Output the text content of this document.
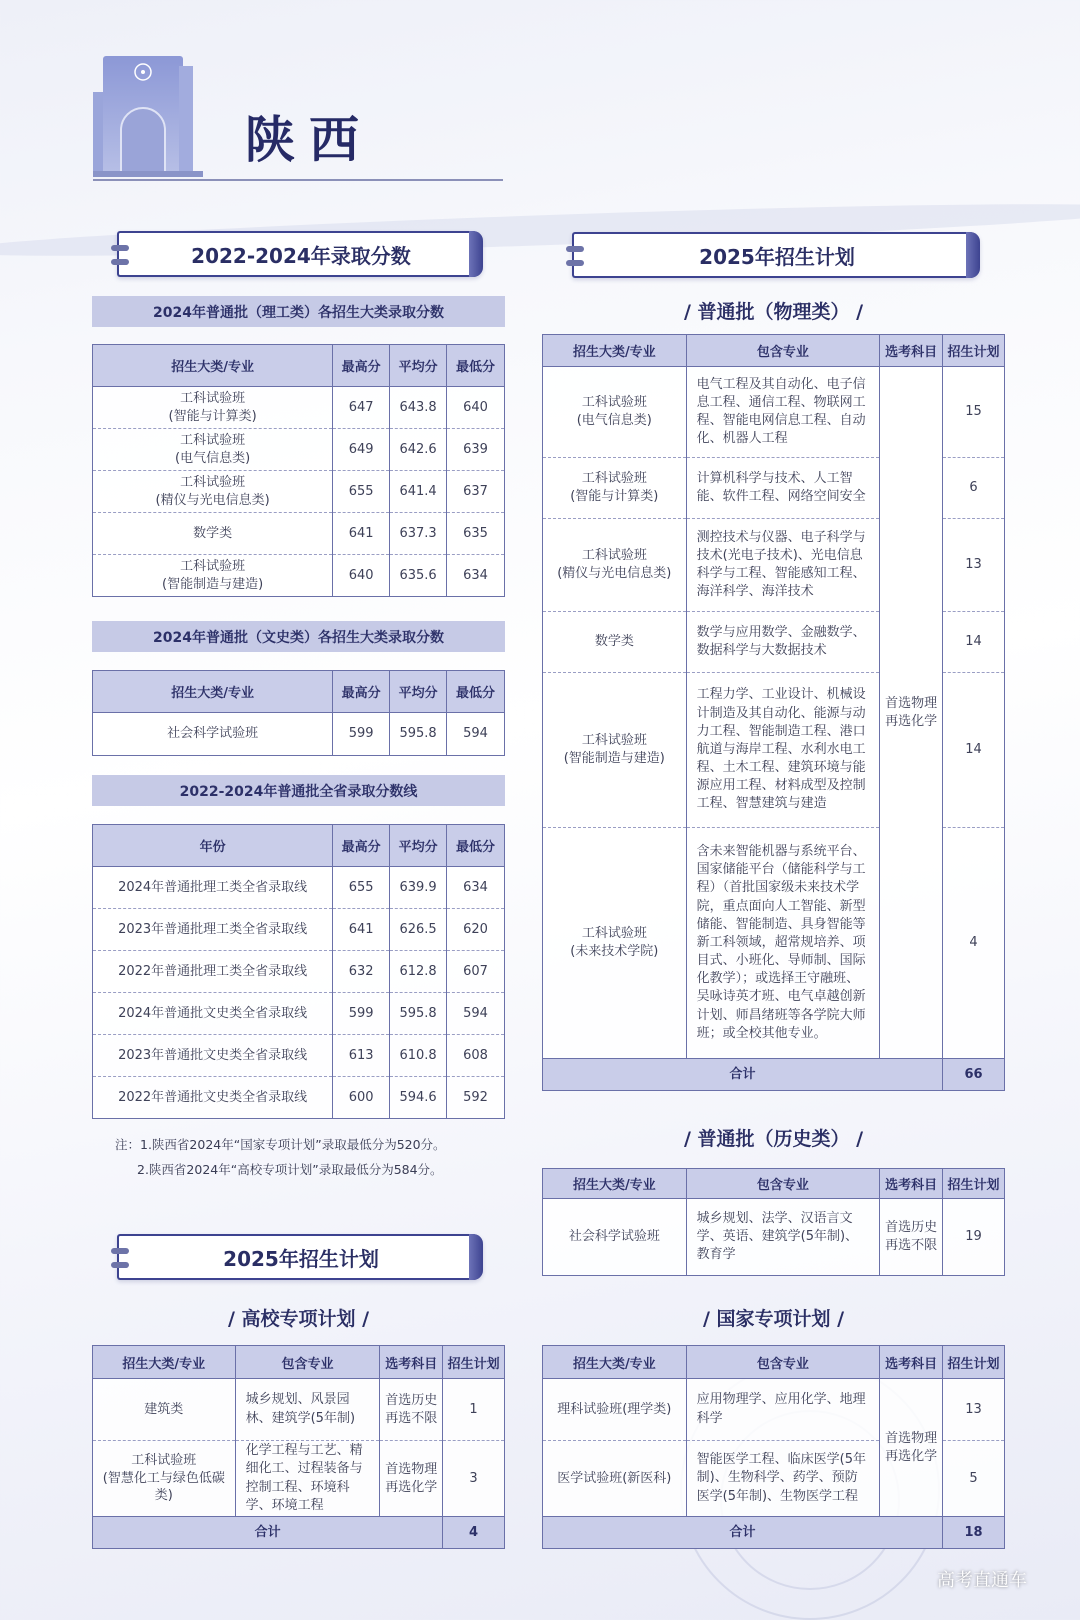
陕西
2022-2024年录取分数	2025年招生计划
2025年招生计划
2024年普通批（理工类）各招生大类录取分数
2024年普通批（文史类）各招生大类录取分数
2022-2024年普通批全省录取分数线
/ 普通批（物理类） /
/ 普通批（历史类） /
/ 高校专项计划 /	/ 国家专项计划 /
招生大类/专业	最高分	平均分	最低分
工科试验班
(智能与计算类)	647	643.8	640
工科试验班
(电气信息类)	649	642.6	639
工科试验班
(精仪与光电信息类)	655	641.4	637
数学类	641	637.3	635
工科试验班
(智能制造与建造)	640	635.6	634
招生大类/专业	最高分	平均分	最低分
社会科学试验班	599	595.8	594
年份	最高分	平均分	最低分
2024年普通批理工类全省录取线	655	639.9	634
2023年普通批理工类全省录取线	641	626.5	620
2022年普通批理工类全省录取线	632	612.8	607
2024年普通批文史类全省录取线	599	595.8	594
2023年普通批文史类全省录取线	613	610.8	608
2022年普通批文史类全省录取线	600	594.6	592
招生大类/专业	包含专业	选考科目	招生计划
工科试验班
(电气信息类)	电气工程及其自动化、电子信息工程、通信工程、物联网工程、智能电网信息工程、自动化、机器人工程	首选物理
再选化学	15
工科试验班
(智能与计算类)	计算机科学与技术、人工智能、软件工程、网络空间安全		6
工科试验班
(精仪与光电信息类)	测控技术与仪器、电子科学与技术(光电子技术)、光电信息科学与工程、智能感知工程、海洋科学、海洋技术		13
数学类	数学与应用数学、金融数学、数据科学与大数据技术		14
工科试验班
(智能制造与建造)	工程力学、工业设计、机械设计制造及其自动化、能源与动力工程、智能制造工程、港口航道与海岸工程、水利水电工程、土木工程、建筑环境与能源应用工程、材料成型及控制工程、智慧建筑与建造		14
工科试验班
(未来技术学院)	含未来智能机器与系统平台、国家储能平台（储能科学与工程）（首批国家级未来技术学院，重点面向人工智能、新型储能、智能制造、具身智能等新工科领域，超常规培养、项目式、小班化、导师制、国际化教学）；或选择王守融班、吴咏诗英才班、电气卓越创新计划、师昌绪班等各学院大师班；或全校其他专业。		4
合计			66
招生大类/专业	包含专业	选考科目	招生计划
社会科学试验班	城乡规划、法学、汉语言文学、英语、建筑学(5年制)、教育学	首选历史
再选不限	19
招生大类/专业	包含专业	选考科目	招生计划
建筑类	城乡规划、风景园林、建筑学(5年制)	首选历史
再选不限	1
工科试验班
(智慧化工与绿色低碳类)	化学工程与工艺、精细化工、过程装备与控制工程、环境科学、环境工程	首选物理
再选化学	3
合计			4
招生大类/专业	包含专业	选考科目	招生计划
理科试验班(理学类)	应用物理学、应用化学、地理科学	首选物理
再选化学	13
医学试验班(新医科)	智能医学工程、临床医学(5年制)、生物科学、药学、预防医学(5年制)、生物医学工程		5
合计			18
注：1.陕西省2024年“国家专项计划”录取最低分为520分。
2.陕西省2024年“高校专项计划”录取最低分为584分。
高考直通车
